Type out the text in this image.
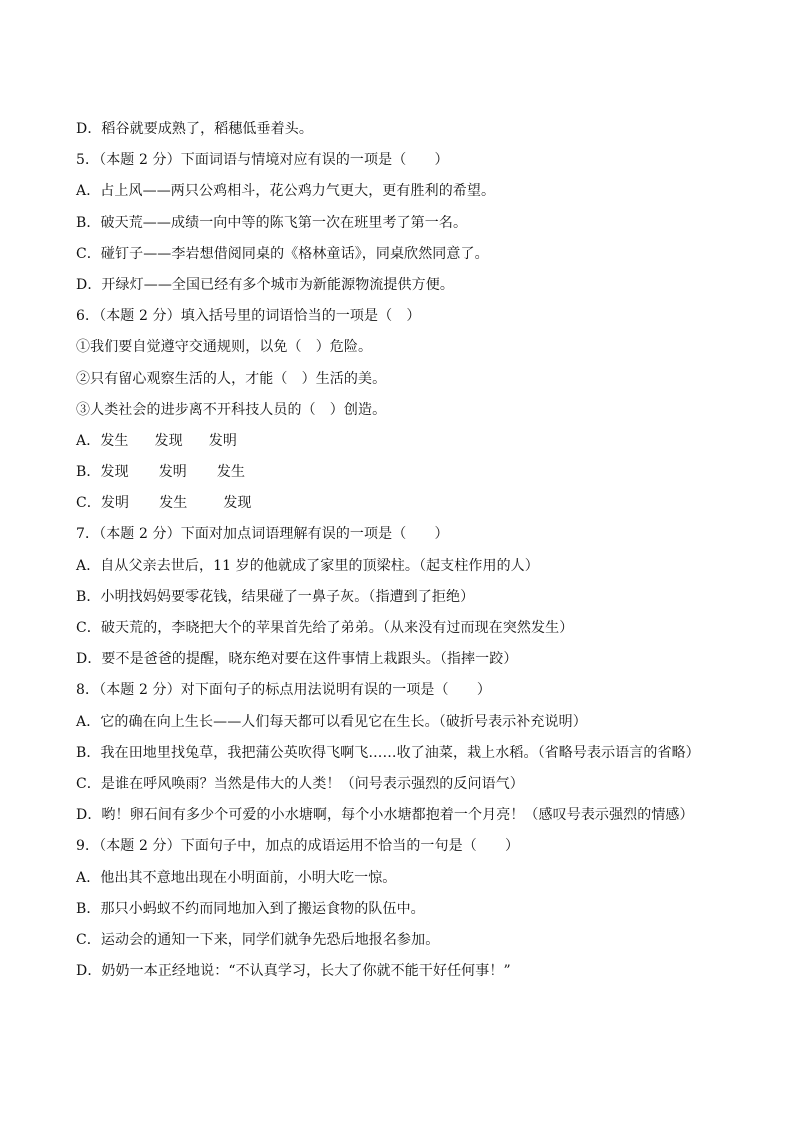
D．稻谷就要成熟了，稻穗低垂着头。
5．（本题 2 分）下面词语与情境对应有误的一项是（　　）
A．占上风——两只公鸡相斗，花公鸡力气更大，更有胜利的希望。
B．破天荒——成绩一向中等的陈飞第一次在班里考了第一名。
C．碰钉子——李岩想借阅同桌的《格林童话》，同桌欣然同意了。
D．开绿灯——全国已经有多个城市为新能源物流提供方便。
6．（本题 2 分）填入括号里的词语恰当的一项是（　）
①我们要自觉遵守交通规则，以免（　）危险。
②只有留心观察生活的人，才能（　）生活的美。
③人类社会的进步离不开科技人员的（　）创造。
A．发生 发现 发明
B．发现 发明 发生
C．发明 发生	发现
7．（本题 2 分）下面对加点词语理解有误的一项是（　　）
A．自从父亲去世后，11 岁的他就成了家里的顶梁柱。（起支柱作用的人）
B．小明找妈妈要零花钱，结果碰了一鼻子灰。（指遭到了拒绝）
C．破天荒的，李晓把大个的苹果首先给了弟弟。（从来没有过而现在突然发生）
D．要不是爸爸的提醒，晓东绝对要在这件事情上栽跟头。（指摔一跤）
8．（本题 2 分）对下面句子的标点用法说明有误的一项是（　　）
A．它的确在向上生长——人们每天都可以看见它在生长。（破折号表示补充说明）
B．我在田地里找兔草，我把蒲公英吹得飞啊飞……收了油菜，栽上水稻。（省略号表示语言的省略）
C．是谁在呼风唤雨？当然是伟大的人类！（问号表示强烈的反问语气）
D．哟！卵石间有多少个可爱的小水塘啊，每个小水塘都抱着一个月亮！（感叹号表示强烈的情感）
9．（本题 2 分）下面句子中，加点的成语运用不恰当的一句是（　　）
A．他出其不意地出现在小明面前，小明大吃一惊。
B．那只小蚂蚁不约而同地加入到了搬运食物的队伍中。
C．运动会的通知一下来，同学们就争先恐后地报名参加。
D．奶奶一本正经地说：“不认真学习，长大了你就不能干好任何事！”
